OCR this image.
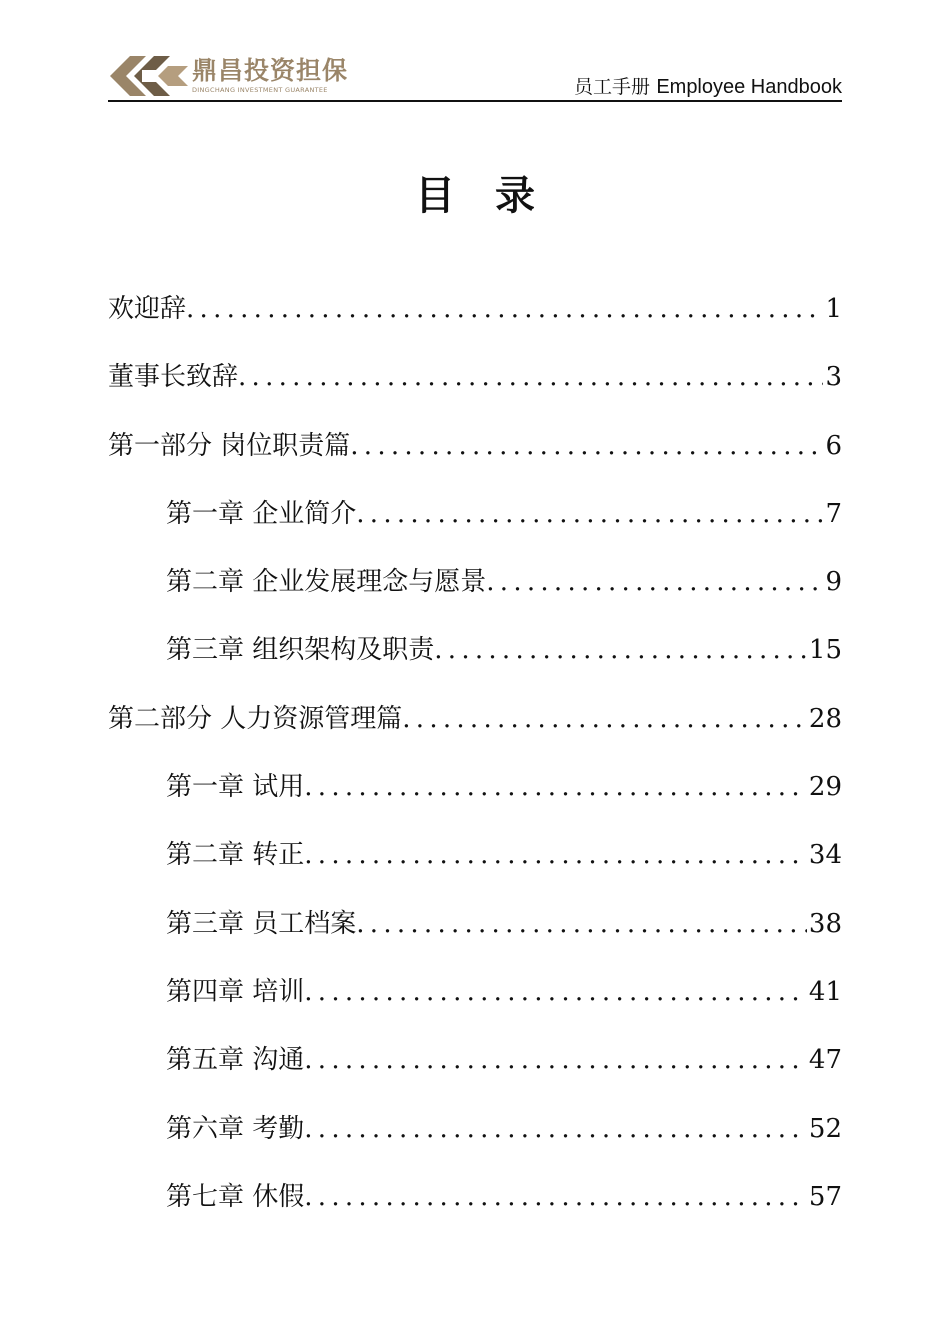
鼎昌投资担保
DINGCHANG INVESTMENT GUARANTEE	员工手册 Employee Handbook
目录
欢迎辞 . . .	1
董事长致辞 . . .	3
第一部分 岗位职责篇 . . .	6
第一章 企业简介 . . .	7
第二章 企业发展理念与愿景 . . .	9
第三章 组织架构及职责 . . .	15
第二部分 人力资源管理篇 . . .	28
第一章 试用 . . .	29
第二章 转正 . . .	34
第三章 员工档案 . . .	38
第四章 培训 . . .	41
第五章 沟通 . . .	47
第六章 考勤 . . .	52
第七章 休假 . . .	57
